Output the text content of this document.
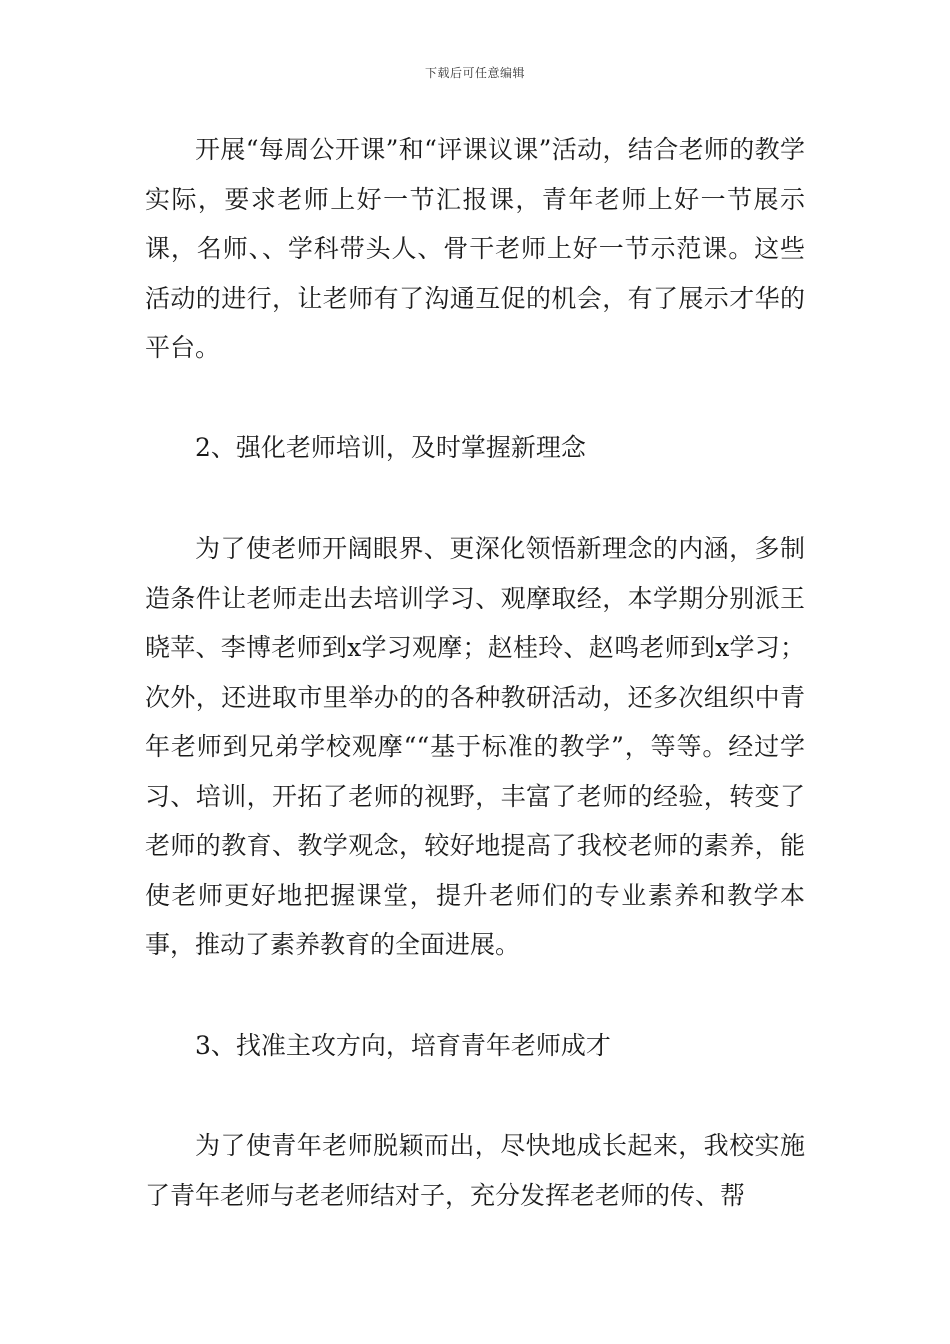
下载后可任意编辑

开展“每周公开课”和“评课议课”活动，结合老师的教学实际，要求老师上好一节汇报课，青年老师上好一节展示课，名师、、学科带头人、骨干老师上好一节示范课。这些活动的进行，让老师有了沟通互促的机会，有了展示才华的平台。

2、强化老师培训，及时掌握新理念

为了使老师开阔眼界、更深化领悟新理念的内涵，多制造条件让老师走出去培训学习、观摩取经，本学期分别派王晓苹、李博老师到x学习观摩；赵桂玲、赵鸣老师到x学习；次外，还进取市里举办的的各种教研活动，还多次组织中青年老师到兄弟学校观摩““基于标准的教学”，等等。经过学习、培训，开拓了老师的视野，丰富了老师的经验，转变了老师的教育、教学观念，较好地提高了我校老师的素养，能使老师更好地把握课堂，提升老师们的专业素养和教学本事，推动了素养教育的全面进展。

3、找准主攻方向，培育青年老师成才

为了使青年老师脱颖而出，尽快地成长起来，我校实施了青年老师与老老师结对子，充分发挥老老师的传、帮
